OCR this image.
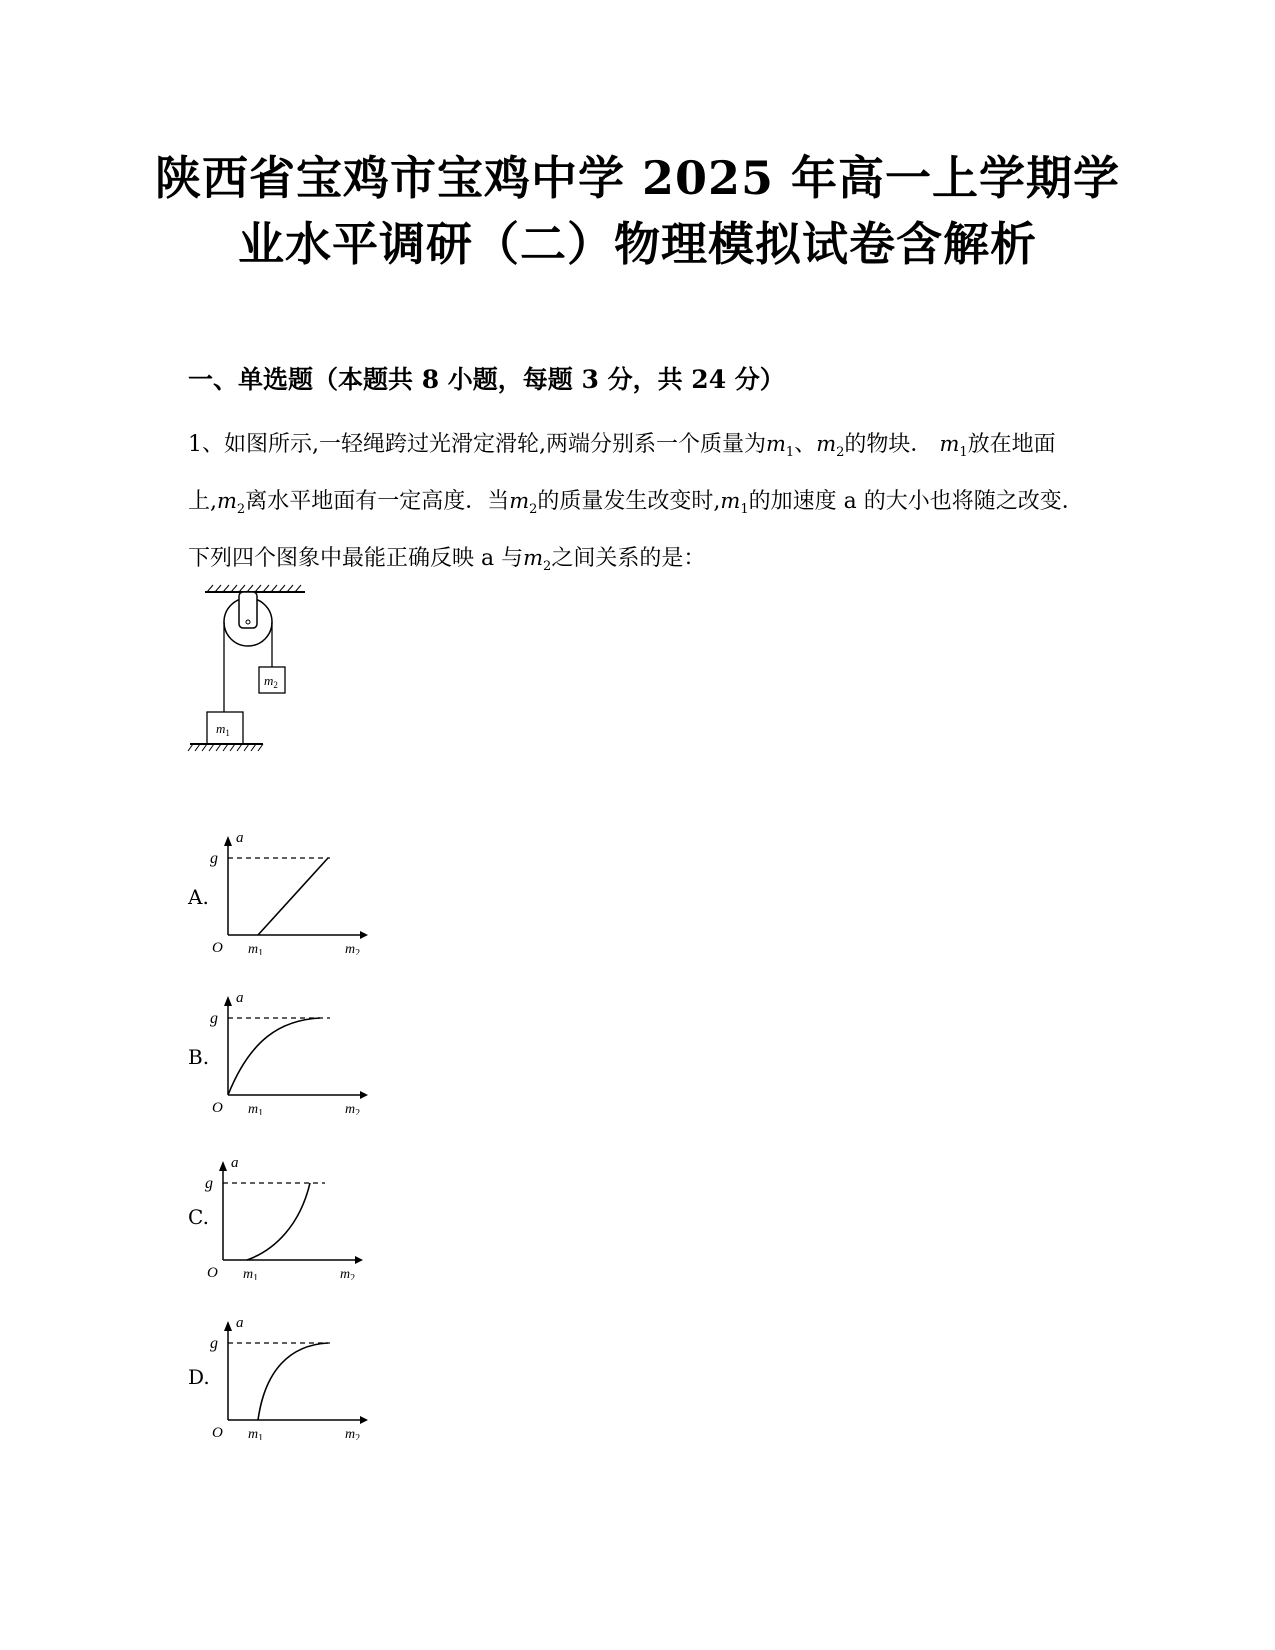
陕西省宝鸡市宝鸡中学 2025 年高一上学期学
业水平调研（二）物理模拟试卷含解析
一、单选题（本题共 8 小题，每题 3 分，共 24 分）
1、如图所示,一轻绳跨过光滑定滑轮,两端分别系一个质量为$m_1$、$m_2$的物块． $m_1$放在地面上$,m_2$离水平地面有一定高度．当$m_2$的质量发生改变时$,m_1$的加速度 a 的大小也将随之改变．下列四个图象中最能正确反映 a 与$m_2$之间关系的是：
$m_2$
$m_1$
A.
a
g
O $m_1$	$m_2$
B.
a
g
O $m_1$	$m_2$
C.
a
g
O $m_1$	$m_2$
D.
a
g
O $m_1$	$m_2$
